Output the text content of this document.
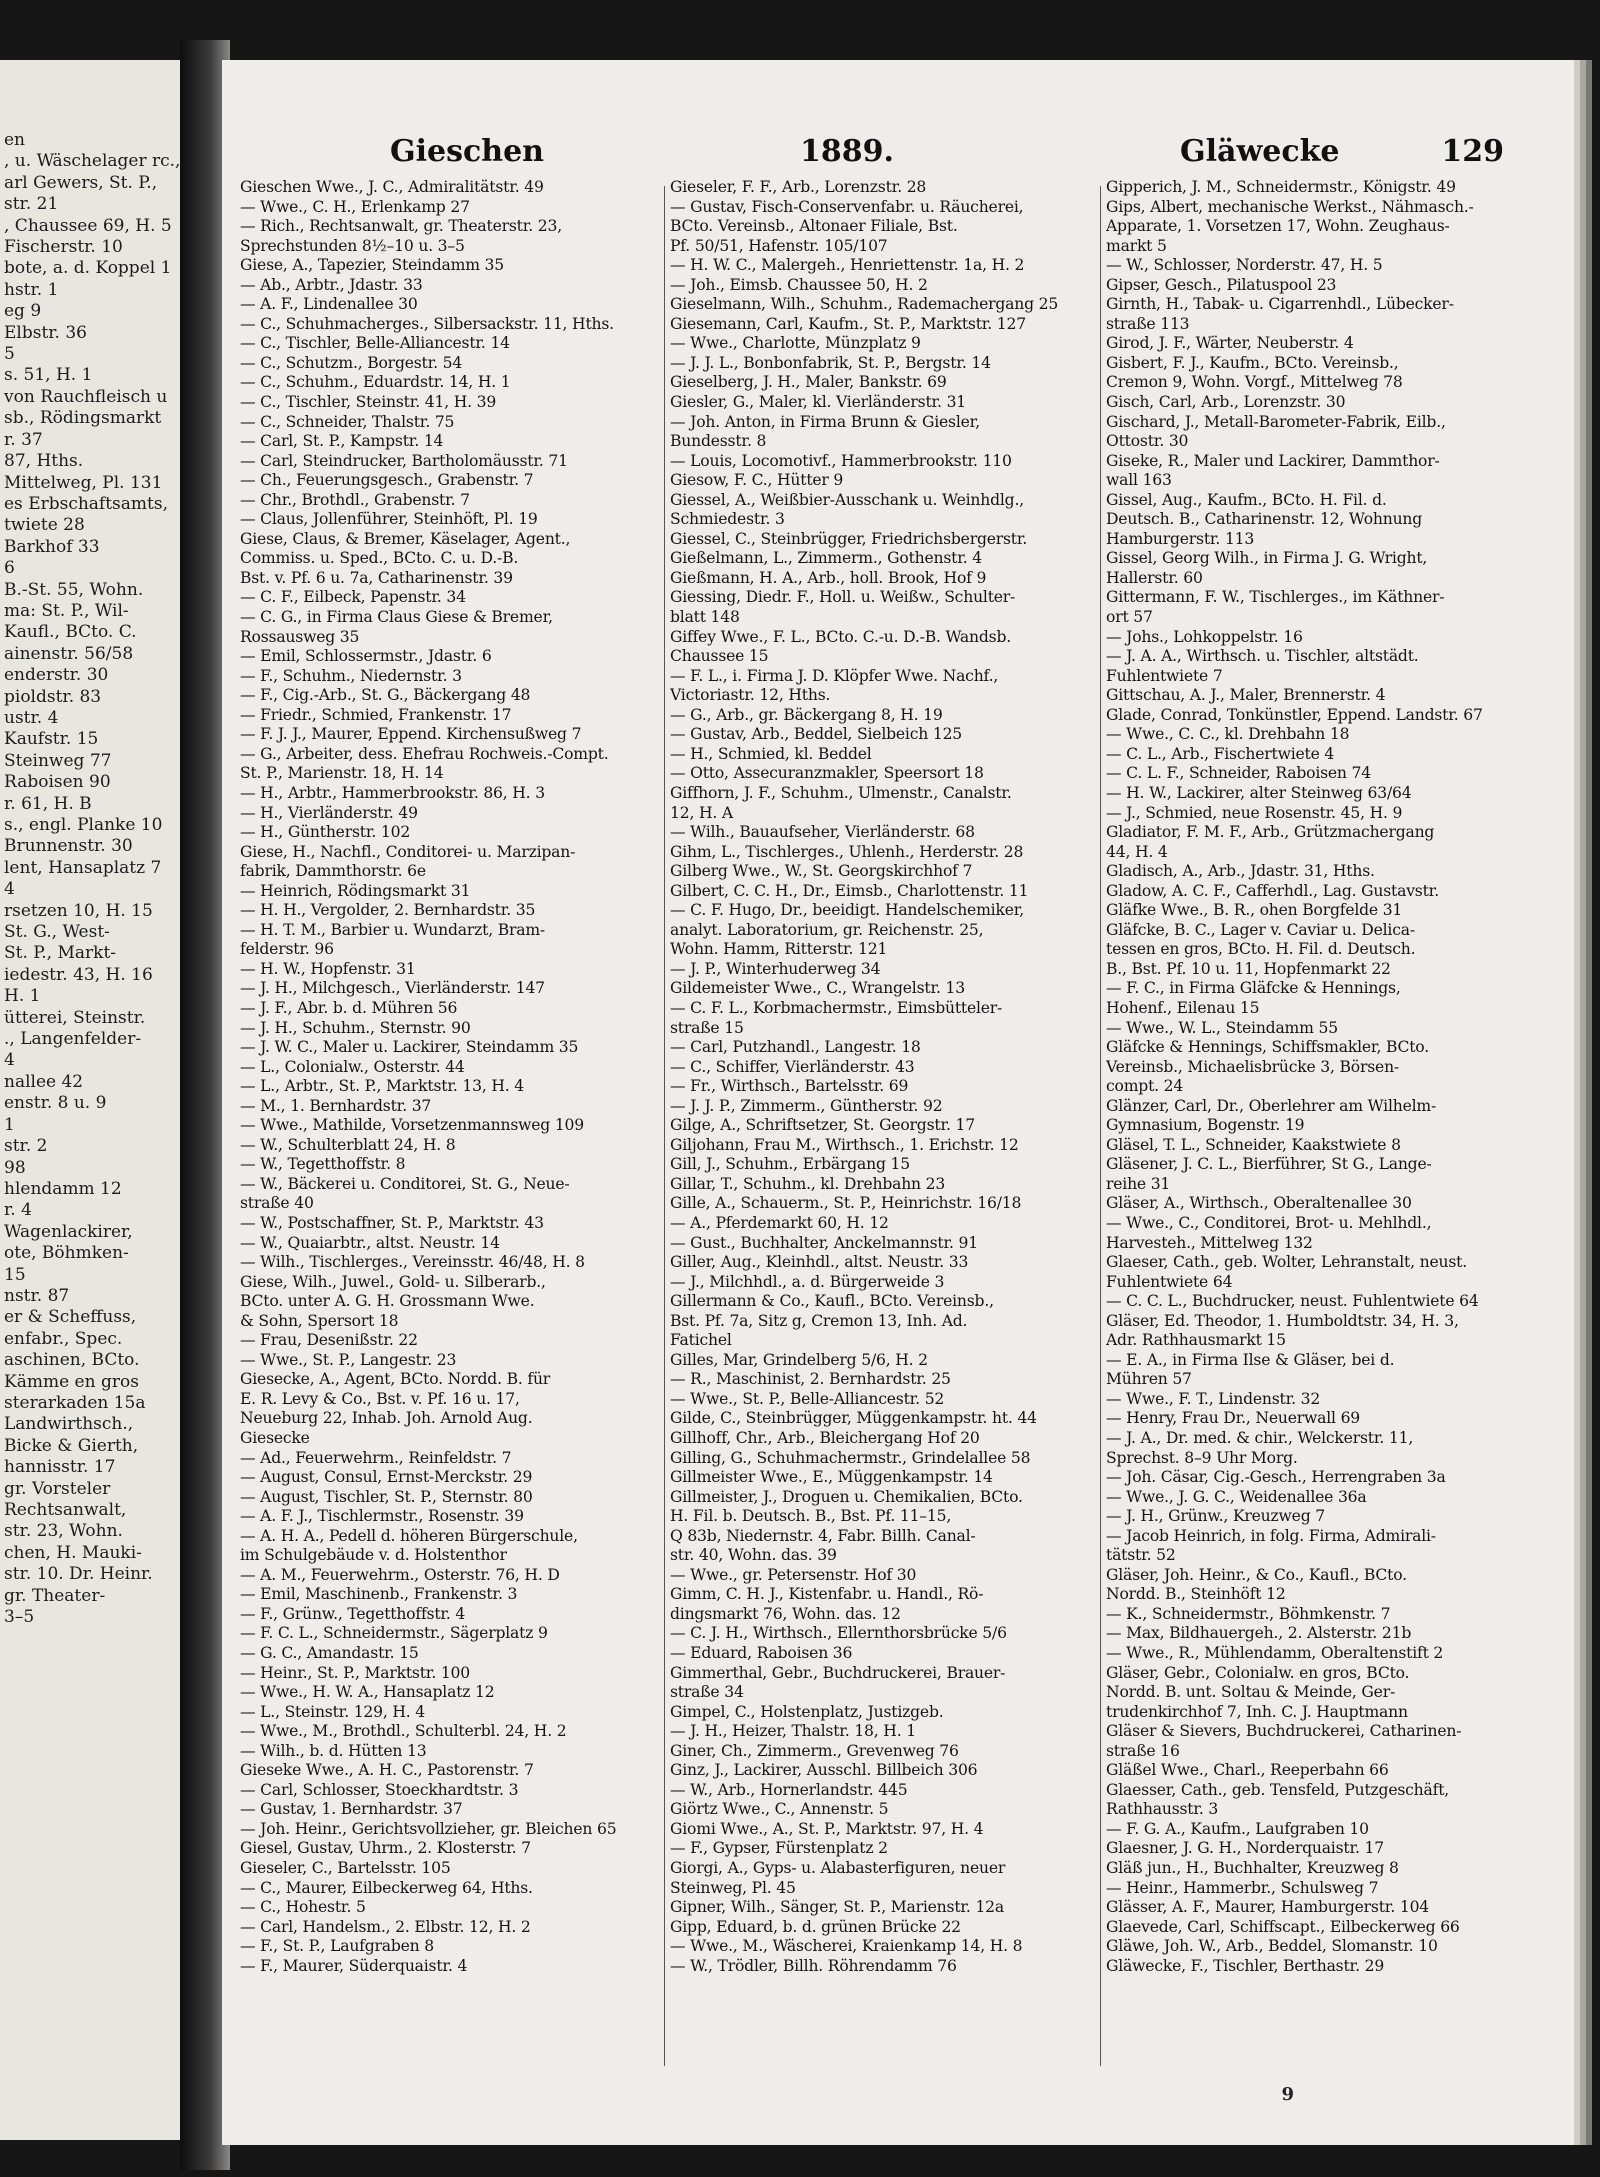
en
, u. Wäschelager rc.,
arl Gewers, St. P.,
str. 21
, Chaussee 69, H. 5
Fischerstr. 10
bote, a. d. Koppel 1
hstr. 1
eg 9
Elbstr. 36
5
s. 51, H. 1
von Rauchfleisch u
sb., Rödingsmarkt
r. 37
87, Hths.
Mittelweg, Pl. 131
es Erbschaftsamts,
twiete 28
Barkhof 33
6
B.-St. 55, Wohn.
ma: St. P., Wil-
Kaufl., BCto. C.
ainenstr. 56/58
enderstr. 30
pioldstr. 83
ustr. 4
Kaufstr. 15
Steinweg 77
Raboisen 90
r. 61, H. B
s., engl. Planke 10
Brunnenstr. 30
lent, Hansaplatz 7
4
rsetzen 10, H. 15
St. G., West-
St. P., Markt-
iedestr. 43, H. 16
H. 1
ütterei, Steinstr.
., Langenfelder-
4
nallee 42
enstr. 8 u. 9
1
str. 2
98
hlendamm 12
r. 4
Wagenlackirer,
ote, Böhmken-
15
nstr. 87
er & Scheffuss,
enfabr., Spec.
aschinen, BCto.
Kämme en gros
sterarkaden 15a
Landwirthsch.,
Bicke & Gierth,
hannisstr. 17
gr. Vorsteler
Rechtsanwalt,
str. 23, Wohn.
chen, H. Mauki-
str. 10. Dr. Heinr.
gr. Theater-
3–5
Gieschen	1889.	Gläwecke	129
Gieschen Wwe., J. C., Admiralitätstr. 49
— Wwe., C. H., Erlenkamp 27
— Rich., Rechtsanwalt, gr. Theaterstr. 23,
Sprechstunden 8½–10 u. 3–5
Giese, A., Tapezier, Steindamm 35
— Ab., Arbtr., Jdastr. 33
— A. F., Lindenallee 30
— C., Schuhmacherges., Silbersackstr. 11, Hths.
— C., Tischler, Belle-Alliancestr. 14
— C., Schutzm., Borgestr. 54
— C., Schuhm., Eduardstr. 14, H. 1
— C., Tischler, Steinstr. 41, H. 39
— C., Schneider, Thalstr. 75
— Carl, St. P., Kampstr. 14
— Carl, Steindrucker, Bartholomäusstr. 71
— Ch., Feuerungsgesch., Grabenstr. 7
— Chr., Brothdl., Grabenstr. 7
— Claus, Jollenführer, Steinhöft, Pl. 19
Giese, Claus, & Bremer, Käselager, Agent.,
Commiss. u. Sped., BCto. C. u. D.-B.
Bst. v. Pf. 6 u. 7a, Catharinenstr. 39
— C. F., Eilbeck, Papenstr. 34
— C. G., in Firma Claus Giese & Bremer,
Rossausweg 35
— Emil, Schlossermstr., Jdastr. 6
— F., Schuhm., Niedernstr. 3
— F., Cig.-Arb., St. G., Bäckergang 48
— Friedr., Schmied, Frankenstr. 17
— F. J. J., Maurer, Eppend. Kirchensußweg 7
— G., Arbeiter, dess. Ehefrau Rochweis.-Compt.
St. P., Marienstr. 18, H. 14
— H., Arbtr., Hammerbrookstr. 86, H. 3
— H., Vierländerstr. 49
— H., Güntherstr. 102
Giese, H., Nachfl., Conditorei- u. Marzipan-
fabrik, Dammthorstr. 6e
— Heinrich, Rödingsmarkt 31
— H. H., Vergolder, 2. Bernhardstr. 35
— H. T. M., Barbier u. Wundarzt, Bram-
felderstr. 96
— H. W., Hopfenstr. 31
— J. H., Milchgesch., Vierländerstr. 147
— J. F., Abr. b. d. Mühren 56
— J. H., Schuhm., Sternstr. 90
— J. W. C., Maler u. Lackirer, Steindamm 35
— L., Colonialw., Osterstr. 44
— L., Arbtr., St. P., Marktstr. 13, H. 4
— M., 1. Bernhardstr. 37
— Wwe., Mathilde, Vorsetzenmannsweg 109
— W., Schulterblatt 24, H. 8
— W., Tegetthoffstr. 8
— W., Bäckerei u. Conditorei, St. G., Neue-
straße 40
— W., Postschaffner, St. P., Marktstr. 43
— W., Quaiarbtr., altst. Neustr. 14
— Wilh., Tischlerges., Vereinsstr. 46/48, H. 8
Giese, Wilh., Juwel., Gold- u. Silberarb.,
BCto. unter A. G. H. Grossmann Wwe.
& Sohn, Spersort 18
— Frau, Desenißstr. 22
— Wwe., St. P., Langestr. 23
Giesecke, A., Agent, BCto. Nordd. B. für
E. R. Levy & Co., Bst. v. Pf. 16 u. 17,
Neueburg 22, Inhab. Joh. Arnold Aug.
Giesecke
— Ad., Feuerwehrm., Reinfeldstr. 7
— August, Consul, Ernst-Merckstr. 29
— August, Tischler, St. P., Sternstr. 80
— A. F. J., Tischlermstr., Rosenstr. 39
— A. H. A., Pedell d. höheren Bürgerschule,
im Schulgebäude v. d. Holstenthor
— A. M., Feuerwehrm., Osterstr. 76, H. D
— Emil, Maschinenb., Frankenstr. 3
— F., Grünw., Tegetthoffstr. 4
— F. C. L., Schneidermstr., Sägerplatz 9
— G. C., Amandastr. 15
— Heinr., St. P., Marktstr. 100
— Wwe., H. W. A., Hansaplatz 12
— L., Steinstr. 129, H. 4
— Wwe., M., Brothdl., Schulterbl. 24, H. 2
— Wilh., b. d. Hütten 13
Gieseke Wwe., A. H. C., Pastorenstr. 7
— Carl, Schlosser, Stoeckhardtstr. 3
— Gustav, 1. Bernhardstr. 37
— Joh. Heinr., Gerichtsvollzieher, gr. Bleichen 65
Giesel, Gustav, Uhrm., 2. Klosterstr. 7
Gieseler, C., Bartelsstr. 105
— C., Maurer, Eilbeckerweg 64, Hths.
— C., Hohestr. 5
— Carl, Handelsm., 2. Elbstr. 12, H. 2
— F., St. P., Laufgraben 8
— F., Maurer, Süderquaistr. 4
Gieseler, F. F., Arb., Lorenzstr. 28
— Gustav, Fisch-Conservenfabr. u. Räucherei,
BCto. Vereinsb., Altonaer Filiale, Bst.
Pf. 50/51, Hafenstr. 105/107
— H. W. C., Malergeh., Henriettenstr. 1a, H. 2
— Joh., Eimsb. Chaussee 50, H. 2
Gieselmann, Wilh., Schuhm., Rademachergang 25
Giesemann, Carl, Kaufm., St. P., Marktstr. 127
— Wwe., Charlotte, Münzplatz 9
— J. J. L., Bonbonfabrik, St. P., Bergstr. 14
Gieselberg, J. H., Maler, Bankstr. 69
Giesler, G., Maler, kl. Vierländerstr. 31
— Joh. Anton, in Firma Brunn & Giesler,
Bundesstr. 8
— Louis, Locomotivf., Hammerbrookstr. 110
Giesow, F. C., Hütter 9
Giessel, A., Weißbier-Ausschank u. Weinhdlg.,
Schmiedestr. 3
Giessel, C., Steinbrügger, Friedrichsbergerstr.
Gießelmann, L., Zimmerm., Gothenstr. 4
Gießmann, H. A., Arb., holl. Brook, Hof 9
Giessing, Diedr. F., Holl. u. Weißw., Schulter-
blatt 148
Giffey Wwe., F. L., BCto. C.-u. D.-B. Wandsb.
Chaussee 15
— F. L., i. Firma J. D. Klöpfer Wwe. Nachf.,
Victoriastr. 12, Hths.
— G., Arb., gr. Bäckergang 8, H. 19
— Gustav, Arb., Beddel, Sielbeich 125
— H., Schmied, kl. Beddel
— Otto, Assecuranzmakler, Speersort 18
Giffhorn, J. F., Schuhm., Ulmenstr., Canalstr.
12, H. A
— Wilh., Bauaufseher, Vierländerstr. 68
Gihm, L., Tischlerges., Uhlenh., Herderstr. 28
Gilberg Wwe., W., St. Georgskirchhof 7
Gilbert, C. C. H., Dr., Eimsb., Charlottenstr. 11
— C. F. Hugo, Dr., beeidigt. Handelschemiker,
analyt. Laboratorium, gr. Reichenstr. 25,
Wohn. Hamm, Ritterstr. 121
— J. P., Winterhuderweg 34
Gildemeister Wwe., C., Wrangelstr. 13
— C. F. L., Korbmachermstr., Eimsbütteler-
straße 15
— Carl, Putzhandl., Langestr. 18
— C., Schiffer, Vierländerstr. 43
— Fr., Wirthsch., Bartelsstr. 69
— J. J. P., Zimmerm., Güntherstr. 92
Gilge, A., Schriftsetzer, St. Georgstr. 17
Giljohann, Frau M., Wirthsch., 1. Erichstr. 12
Gill, J., Schuhm., Erbärgang 15
Gillar, T., Schuhm., kl. Drehbahn 23
Gille, A., Schauerm., St. P., Heinrichstr. 16/18
— A., Pferdemarkt 60, H. 12
— Gust., Buchhalter, Anckelmannstr. 91
Giller, Aug., Kleinhdl., altst. Neustr. 33
— J., Milchhdl., a. d. Bürgerweide 3
Gillermann & Co., Kaufl., BCto. Vereinsb.,
Bst. Pf. 7a, Sitz g, Cremon 13, Inh. Ad.
Fatichel
Gilles, Mar, Grindelberg 5/6, H. 2
— R., Maschinist, 2. Bernhardstr. 25
— Wwe., St. P., Belle-Alliancestr. 52
Gilde, C., Steinbrügger, Müggenkampstr. ht. 44
Gillhoff, Chr., Arb., Bleichergang Hof 20
Gilling, G., Schuhmachermstr., Grindelallee 58
Gillmeister Wwe., E., Müggenkampstr. 14
Gillmeister, J., Droguen u. Chemikalien, BCto.
H. Fil. b. Deutsch. B., Bst. Pf. 11–15,
Q 83b, Niedernstr. 4, Fabr. Billh. Canal-
str. 40, Wohn. das. 39
— Wwe., gr. Petersenstr. Hof 30
Gimm, C. H. J., Kistenfabr. u. Handl., Rö-
dingsmarkt 76, Wohn. das. 12
— C. J. H., Wirthsch., Ellernthorsbrücke 5/6
— Eduard, Raboisen 36
Gimmerthal, Gebr., Buchdruckerei, Brauer-
straße 34
Gimpel, C., Holstenplatz, Justizgeb.
— J. H., Heizer, Thalstr. 18, H. 1
Giner, Ch., Zimmerm., Grevenweg 76
Ginz, J., Lackirer, Ausschl. Billbeich 306
— W., Arb., Hornerlandstr. 445
Giörtz Wwe., C., Annenstr. 5
Giomi Wwe., A., St. P., Marktstr. 97, H. 4
— F., Gypser, Fürstenplatz 2
Giorgi, A., Gyps- u. Alabasterfiguren, neuer
Steinweg, Pl. 45
Gipner, Wilh., Sänger, St. P., Marienstr. 12a
Gipp, Eduard, b. d. grünen Brücke 22
— Wwe., M., Wäscherei, Kraienkamp 14, H. 8
— W., Trödler, Billh. Röhrendamm 76
Gipperich, J. M., Schneidermstr., Königstr. 49
Gips, Albert, mechanische Werkst., Nähmasch.-
Apparate, 1. Vorsetzen 17, Wohn. Zeughaus-
markt 5
— W., Schlosser, Norderstr. 47, H. 5
Gipser, Gesch., Pilatuspool 23
Girnth, H., Tabak- u. Cigarrenhdl., Lübecker-
straße 113
Girod, J. F., Wärter, Neuberstr. 4
Gisbert, F. J., Kaufm., BCto. Vereinsb.,
Cremon 9, Wohn. Vorgf., Mittelweg 78
Gisch, Carl, Arb., Lorenzstr. 30
Gischard, J., Metall-Barometer-Fabrik, Eilb.,
Ottostr. 30
Giseke, R., Maler und Lackirer, Dammthor-
wall 163
Gissel, Aug., Kaufm., BCto. H. Fil. d.
Deutsch. B., Catharinenstr. 12, Wohnung
Hamburgerstr. 113
Gissel, Georg Wilh., in Firma J. G. Wright,
Hallerstr. 60
Gittermann, F. W., Tischlerges., im Käthner-
ort 57
— Johs., Lohkoppelstr. 16
— J. A. A., Wirthsch. u. Tischler, altstädt.
Fuhlentwiete 7
Gittschau, A. J., Maler, Brennerstr. 4
Glade, Conrad, Tonkünstler, Eppend. Landstr. 67
— Wwe., C. C., kl. Drehbahn 18
— C. L., Arb., Fischertwiete 4
— C. L. F., Schneider, Raboisen 74
— H. W., Lackirer, alter Steinweg 63/64
— J., Schmied, neue Rosenstr. 45, H. 9
Gladiator, F. M. F., Arb., Grützmachergang
44, H. 4
Gladisch, A., Arb., Jdastr. 31, Hths.
Gladow, A. C. F., Cafferhdl., Lag. Gustavstr.
Gläfke Wwe., B. R., ohen Borgfelde 31
Gläfcke, B. C., Lager v. Caviar u. Delica-
tessen en gros, BCto. H. Fil. d. Deutsch.
B., Bst. Pf. 10 u. 11, Hopfenmarkt 22
— F. C., in Firma Gläfcke & Hennings,
Hohenf., Eilenau 15
— Wwe., W. L., Steindamm 55
Gläfcke & Hennings, Schiffsmakler, BCto.
Vereinsb., Michaelisbrücke 3, Börsen-
compt. 24
Glänzer, Carl, Dr., Oberlehrer am Wilhelm-
Gymnasium, Bogenstr. 19
Gläsel, T. L., Schneider, Kaakstwiete 8
Gläsener, J. C. L., Bierführer, St G., Lange-
reihe 31
Gläser, A., Wirthsch., Oberaltenallee 30
— Wwe., C., Conditorei, Brot- u. Mehlhdl.,
Harvesteh., Mittelweg 132
Glaeser, Cath., geb. Wolter, Lehranstalt, neust.
Fuhlentwiete 64
— C. C. L., Buchdrucker, neust. Fuhlentwiete 64
Gläser, Ed. Theodor, 1. Humboldtstr. 34, H. 3,
Adr. Rathhausmarkt 15
— E. A., in Firma Ilse & Gläser, bei d.
Mühren 57
— Wwe., F. T., Lindenstr. 32
— Henry, Frau Dr., Neuerwall 69
— J. A., Dr. med. & chir., Welckerstr. 11,
Sprechst. 8–9 Uhr Morg.
— Joh. Cäsar, Cig.-Gesch., Herrengraben 3a
— Wwe., J. G. C., Weidenallee 36a
— J. H., Grünw., Kreuzweg 7
— Jacob Heinrich, in folg. Firma, Admirali-
tätstr. 52
Gläser, Joh. Heinr., & Co., Kaufl., BCto.
Nordd. B., Steinhöft 12
— K., Schneidermstr., Böhmkenstr. 7
— Max, Bildhauergeh., 2. Alsterstr. 21b
— Wwe., R., Mühlendamm, Oberaltenstift 2
Gläser, Gebr., Colonialw. en gros, BCto.
Nordd. B. unt. Soltau & Meinde, Ger-
trudenkirchhof 7, Inh. C. J. Hauptmann
Gläser & Sievers, Buchdruckerei, Catharinen-
straße 16
Gläßel Wwe., Charl., Reeperbahn 66
Glaesser, Cath., geb. Tensfeld, Putzgeschäft,
Rathhausstr. 3
— F. G. A., Kaufm., Laufgraben 10
Glaesner, J. G. H., Norderquaistr. 17
Gläß jun., H., Buchhalter, Kreuzweg 8
— Heinr., Hammerbr., Schulsweg 7
Glässer, A. F., Maurer, Hamburgerstr. 104
Glaevede, Carl, Schiffscapt., Eilbeckerweg 66
Gläwe, Joh. W., Arb., Beddel, Slomanstr. 10
Gläwecke, F., Tischler, Berthastr. 29
9
